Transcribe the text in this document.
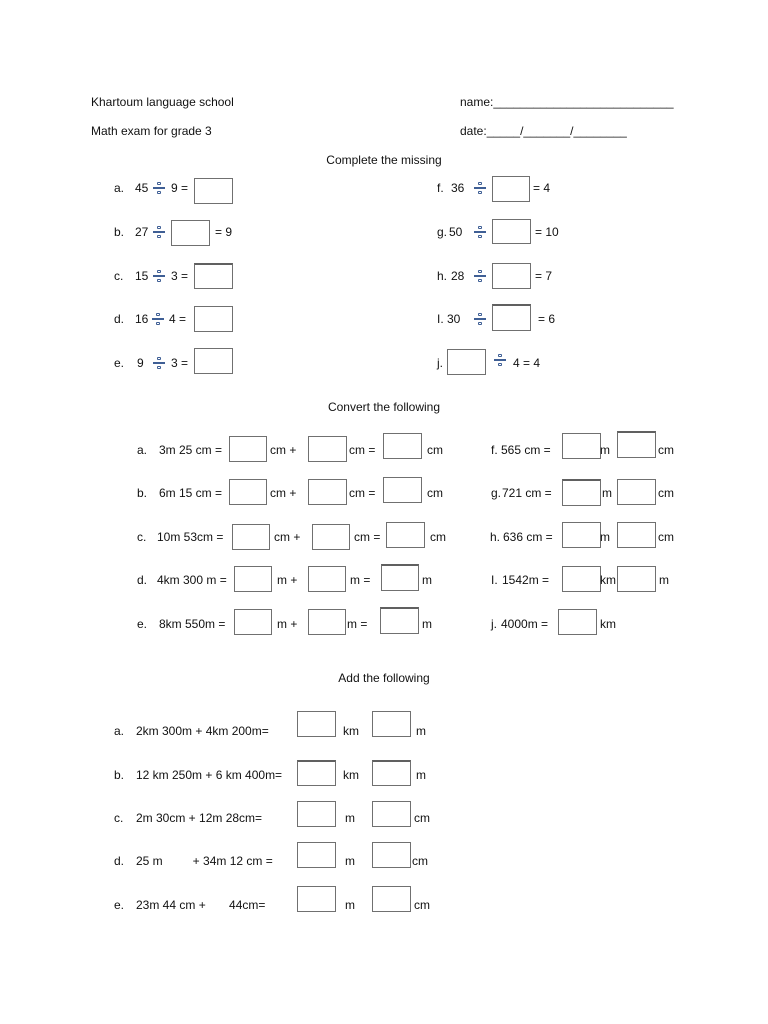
Khartoum language school	name:___________________________
Math exam for grade 3	date:_____/_______/________
Complete the missing
a. 45 9 =
b. 27	= 9
c. 15 3 =
d. 16 4 =
e. 9 3 =
f. 36	= 4
g. 50	= 10
h. 28	= 7
I. 30	= 6
j.	4 = 4
Convert the following
a. 3m 25 cm =	cm +	cm =	cm
b. 6m 15 cm =	cm +	cm =	cm
c. 10m 53cm =	cm +	cm =	cm
d. 4km 300 m =	m +	m =	m
e. 8km 550m =	m +	m =	m
f. 565 cm =	m	cm
g. 721 cm =	m	cm
h. 636 cm =	m	cm
I. 1542m =	km	m
j. 4000m =	km
Add the following
a. 2km 300m + 4km 200m=	km	m
b. 12 km 250m + 6 km 400m=	km	m
c. 2m 30cm + 12m 28cm=	m	cm
d. 25 m         + 34m 12 cm =	m	cm
e. 23m 44 cm +       44cm=	m	cm
